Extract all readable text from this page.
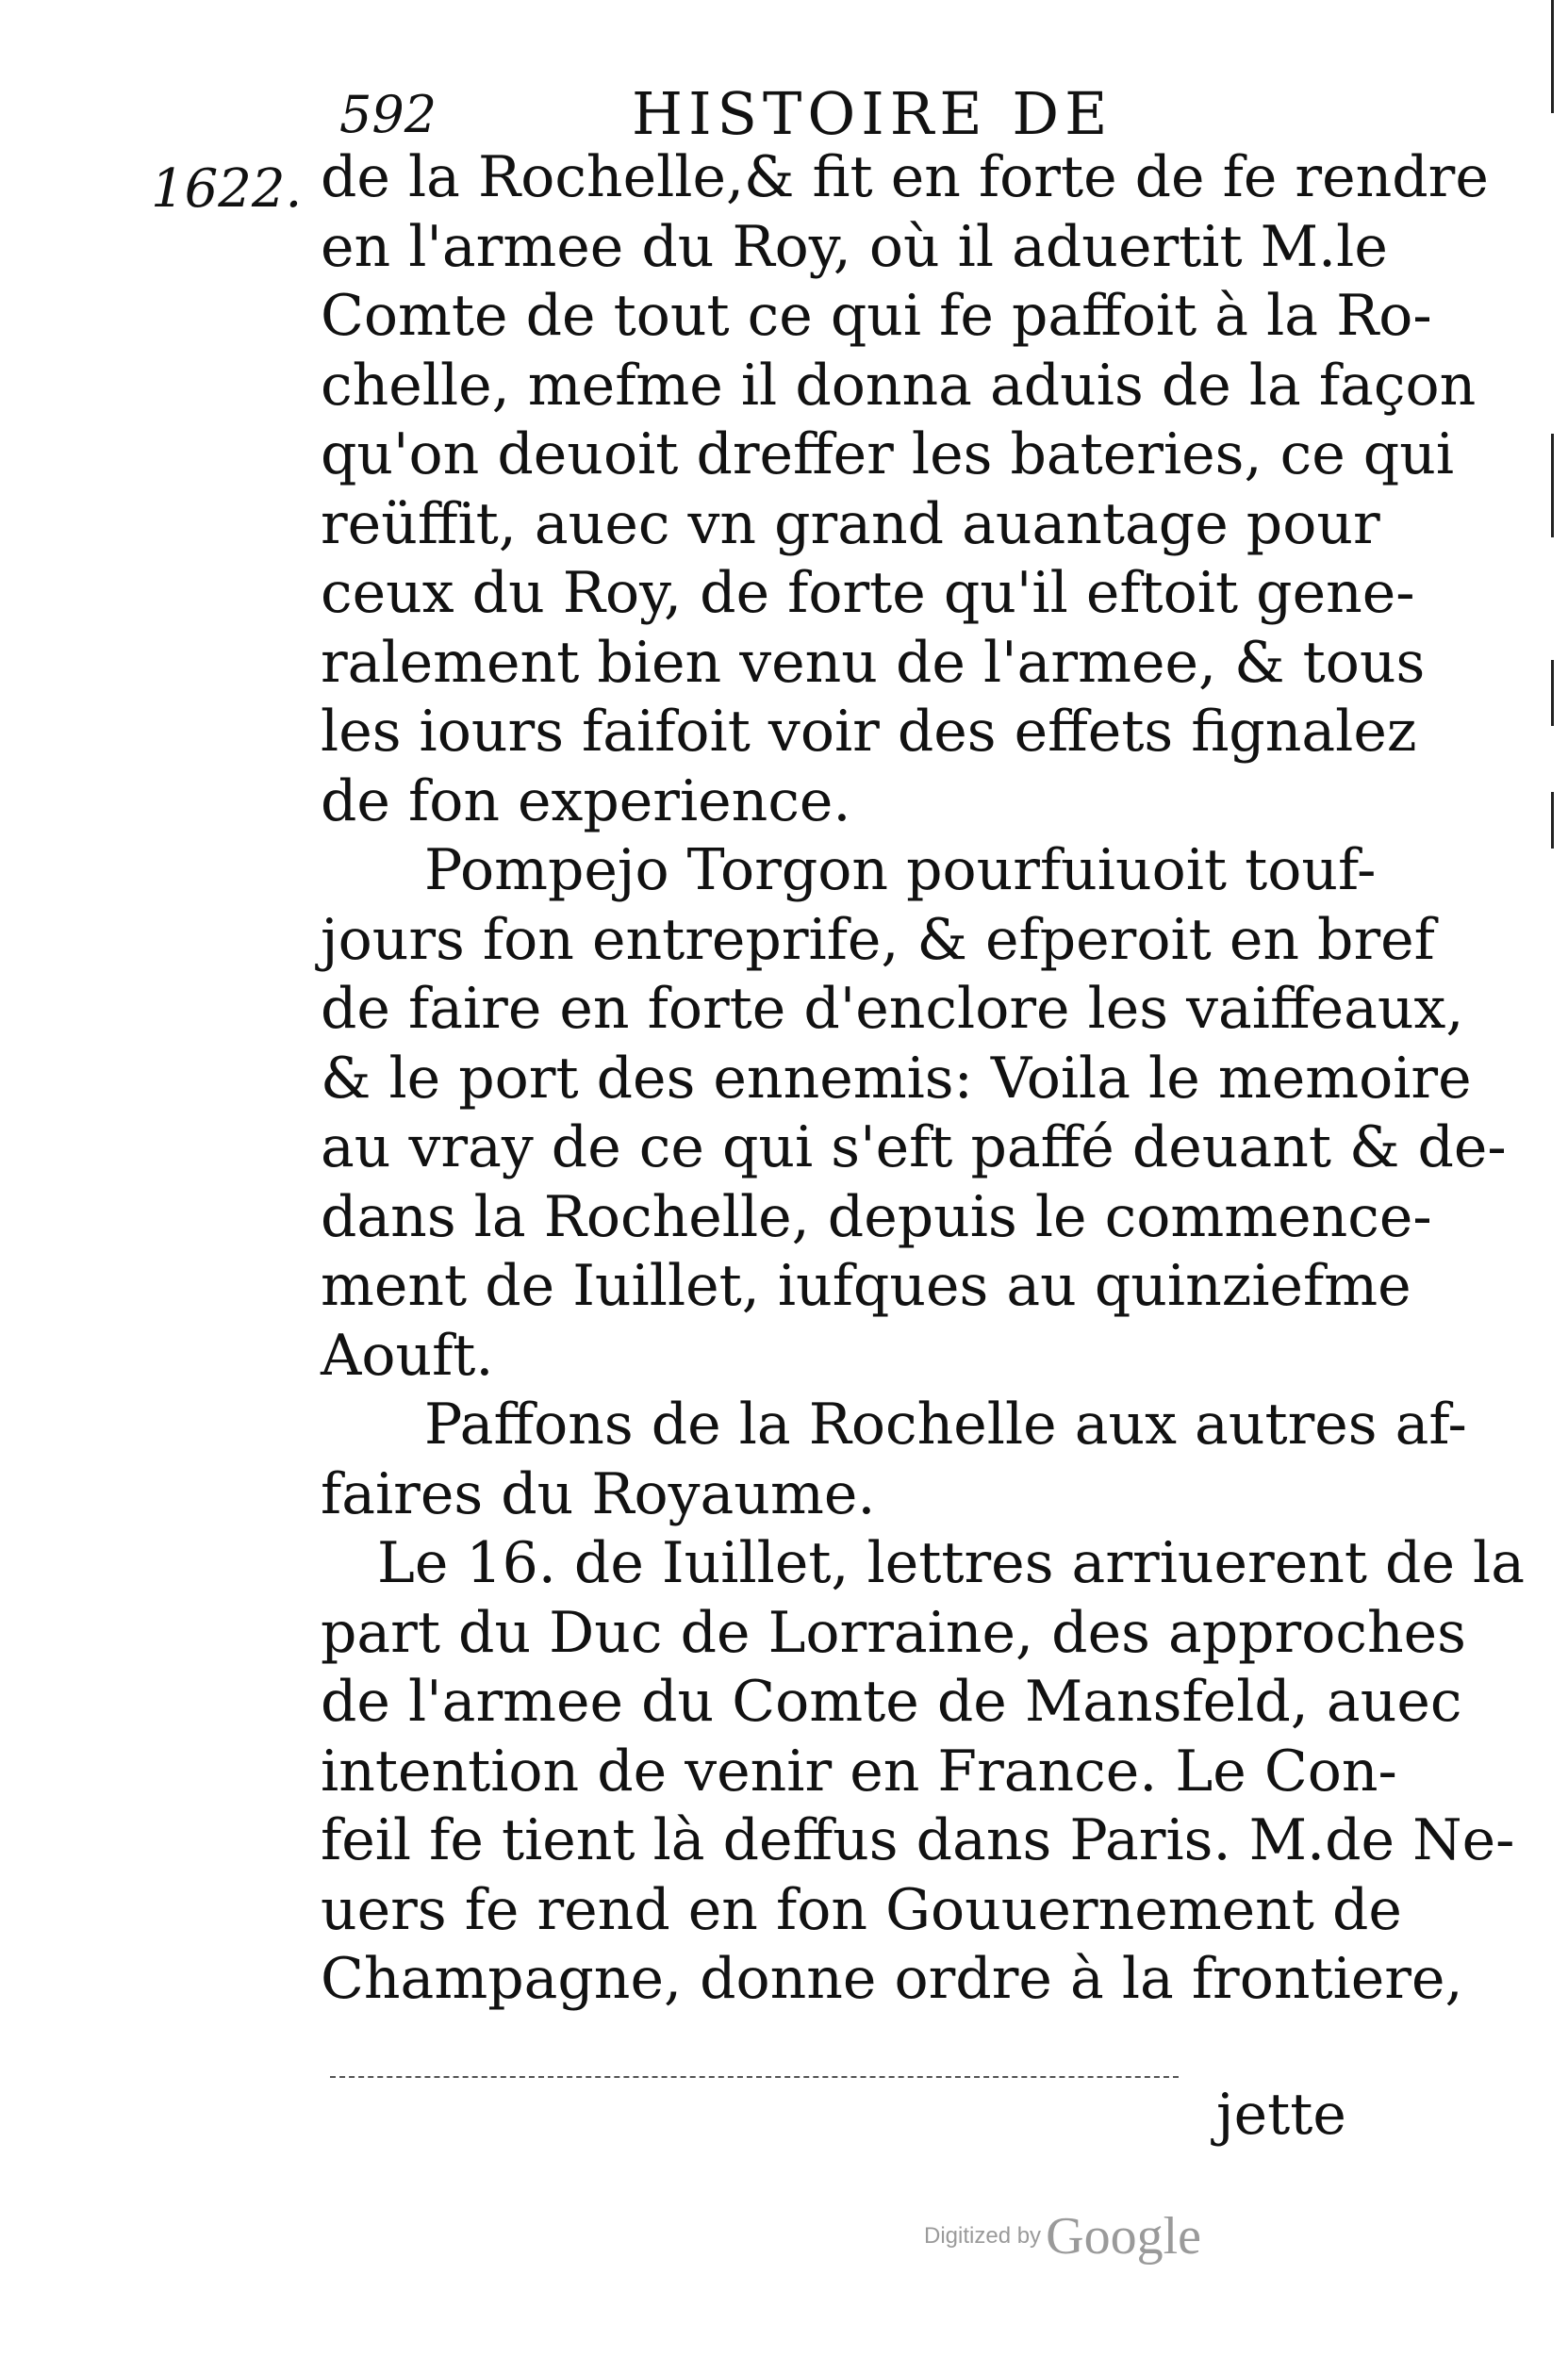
592	HISTOIRE DE
1622. de la Rochelle,& fit en forte de fe rendre
en l'armee du Roy, où il aduertit M.le
Comte de tout ce qui fe paffoit à la Ro-
chelle, mefme il donna aduis de la façon
qu'on deuoit dreffer les bateries, ce qui
reüffit, auec vn grand auantage pour
ceux du Roy, de forte qu'il eftoit gene-
ralement bien venu de l'armee, & tous
les iours faifoit voir des effets fignalez
de fon experience.
Pompejo Torgon pourfuiuoit touf-
jours fon entreprife, & efperoit en bref
de faire en forte d'enclore les vaiffeaux,
& le port des ennemis: Voila le memoire
au vray de ce qui s'eft paffé deuant & de-
dans la Rochelle, depuis le commence-
ment de Iuillet, iufques au quinziefme
Aouft.
Paffons de la Rochelle aux autres af-
faires du Royaume.
Le 16. de Iuillet, lettres arriuerent de la
part du Duc de Lorraine, des approches
de l'armee du Comte de Mansfeld, auec
intention de venir en France. Le Con-
feil fe tient là deffus dans Paris. M.de Ne-
uers fe rend en fon Gouuernement de
Champagne, donne ordre à la frontiere,
jette
Digitized by Google
